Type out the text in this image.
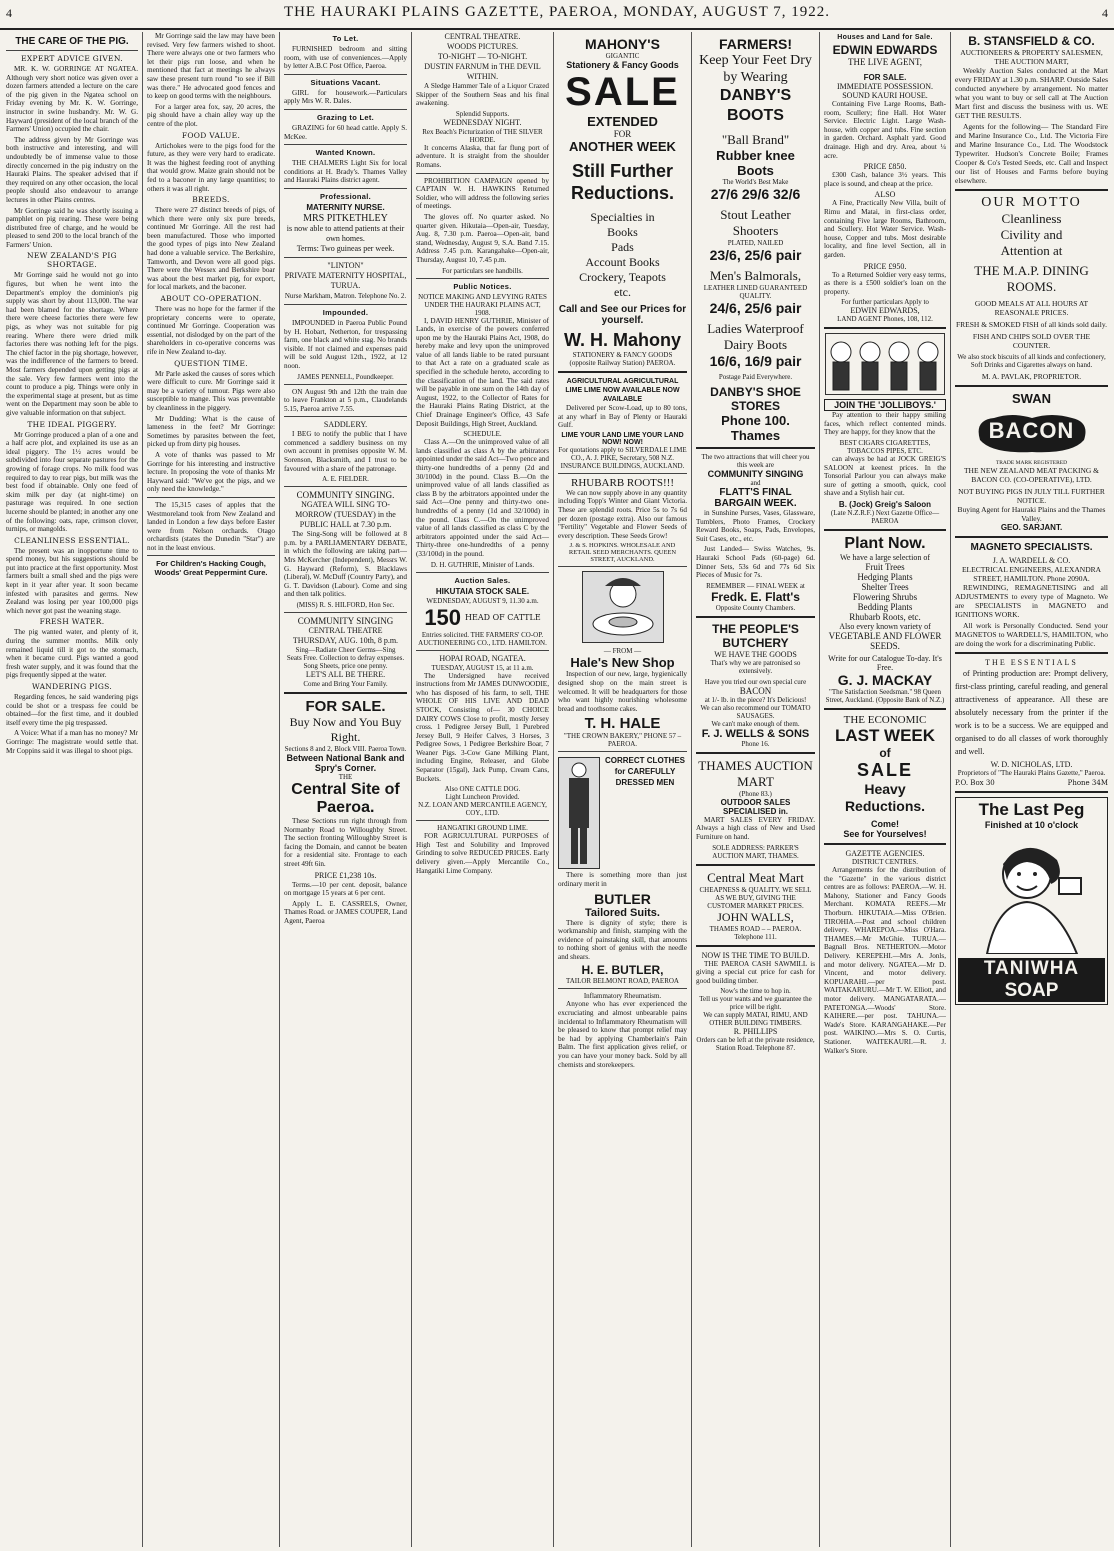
4	THE HAURAKI PLAINS GAZETTE, PAEROA, MONDAY, AUGUST 7, 1922.	4
THE CARE OF THE PIG.
EXPERT ADVICE GIVEN.

MR. K. W. GORRINGE AT NGATEA. Although very short notice was given over a dozen farmers attended a lecture on the care of the pig given in the Ngatea school on Friday evening by Mr. K. W. Gorringe, instructor in swine husbandry. Mr. W. G. Hayward (president of the local branch of the Farmers' Union) occupied the chair.

The address given by Mr Gorringe was both instructive and interesting, and will undoubtedly be of immense value to those directly concerned in the pig industry on the Hauraki Plains. The speaker advised that if they required on any other occasion, the local people should also endeavour to arrange lectures in other Plains centres.

Mr Gorringe said he was shortly issuing a pamphlet on pig rearing. These were being distributed free of charge, and he would be pleased to send 200 to the local branch of the Farmers' Union.

NEW ZEALAND'S PIG SHORTAGE.

Mr Gorringe said he would not go into figures, but when he went into the Department's employ the dominion's pig supply was short by about 113,000. The war had been blamed for the shortage. Where there were cheese factories there were few pigs, as whey was not suitable for pig rearing. Where there were dried milk factories there was nothing left for the pigs. The chief factor in the pig shortage, however, was the indifference of the farmers to breed. Most farmers depended upon getting pigs at the sale. Very few farmers went into the count to produce a pig. Things were only in the experimental stage at present, but as time went on the Department may soon be able to give valuable information on that subject.

THE IDEAL PIGGERY.

Mr Gorringe produced a plan of a one and a half acre plot, and explained its use as an ideal piggery. The 1½ acres would be subdivided into four separate pastures for the growing of forage crops. No milk food was required to day to rear pigs, but milk was the best food if obtainable. Only one feed of skim milk per day (at night-time) on pasturage was required. In one section lucerne should be planted; in another any one of the following: oats, rape, crimson clover, turnips, or mangolds.

CLEANLINESS ESSENTIAL.

The present was an inopportune time to spend money, but his suggestions should be put into practice at the first opportunity. Most farmers built a small shed and the pigs were kept in it year after year. It soon became infested with parasites and germs. New Zealand was losing per year 100,000 pigs which never got past the weaning stage.

FRESH WATER.

The pig wanted water, and plenty of it, during the summer months. Milk only remained liquid till it got to the stomach, when it became curd. Pigs wanted a good fresh water supply, and it was found that the pigs frequently sipped at the water.

WANDERING PIGS.

Regarding fences, he said wandering pigs could be shot or a trespass fee could be obtained—for the first time, and it doubled itself every time the pig trespassed.

A Voice: What if a man has no money? Mr Gorringe: The magistrate would settle that. Mr Coppins said it was illegal to shoot pigs.

Mr Gorringe said the law may have been revised. Very few farmers wished to shoot. There were always one or two farmers who let their pigs run loose, and when he mentioned that fact at meetings he always saw these present turn round "to see if Bill was there." He advocated good fences and to keep on good terms with the neighbours.

For a larger area fox, say, 20 acres, the pig should have a chain alley way up the centre of the plot.

FOOD VALUE.

Artichokes were to the pigs food for the future, as they were very hard to eradicate. It was the highest feeding root of anything that would grow. Maize grain should not be fed to a baconer in any large quantities; to others it was all right.

BREEDS.

There were 27 distinct breeds of pigs, of which there were only six pure breeds, continued Mr Gorringe. All the rest had been manufactured. Those who imported the good types of pigs into New Zealand had done a valuable service. The Berkshire, Tamworth, and Devon were all good pigs. There were the Wessex and Berkshire boar was about the best market pig, for export, for local markets, and the baconer.

ABOUT CO-OPERATION.

There was no hope for the farmer if the proprietary concerns were to operate, continued Mr Gorringe. Cooperation was essential, not dislodged by on the part of the shareholders in co-operative concerns was rife in New Zealand to-day.

QUESTION TIME.

Mr Parle asked the causes of sores which were difficult to cure. Mr Gorringe said it may be a variety of tumour. Pigs were also susceptible to mange. This was preventable by cleanliness in the piggery.

Mr Dudding: What is the cause of lameness in the feet? Mr Gorringe: Sometimes by parasites between the feet, picked up from dirty pig houses.

A vote of thanks was passed to Mr Gorringe for his interesting and instructive lecture. In proposing the vote of thanks Mr Hayward said: "We've got the pigs, and we only need the knowledge."

The 15,315 cases of apples that the Westmoreland took from New Zealand and landed in London a few days before Easter were from Nelson orchards. Otago orchardists (states the Dunedin "Star") are not in the least envious.

For Children's Hacking Cough, Woods' Great Peppermint Cure.
To Let.

FURNISHED bedroom and sitting room, with use of conveniences.—Apply by letter A.B.C Post Office, Paeroa.

Situations Vacant.

GIRL for housework.—Particulars apply Mrs W. R. Dales.

Grazing to Let.

GRAZING for 60 head cattle. Apply S. McKee.

Wanted Known.

THE CHALMERS Light Six for local conditions at H. Brady's. Thames Valley and Hauraki Plains district agent.

Professional.
MATERNITY NURSE.
MRS PITKETHLEY
is now able to attend patients at their own homes.
Terms: Two guineas per week.
"LINTON"
PRIVATE MATERNITY HOSPITAL, TURUA.
Nurse Markham, Matron. Telephone No. 2.
Impounded.

IMPOUNDED in Paeroa Public Pound by H. Hobart, Netherton, for trespassing farm, one black and white stag. No brands visible. If not claimed and expenses paid will be sold August 12th., 1922, at 12 noon.

JAMES PENNELL, Poundkeeper.

ON August 9th and 12th the train due to leave Frankton at 5 p.m., Claudelands 5.15, Paeroa arrive 7.55.

SADDLERY.

I BEG to notify the public that I have commenced a saddlery business on my own account in premises opposite W. M. Sorenson, Blacksmith, and I trust to be favoured with a share of the patronage.

A. E. FIELDER.
COMMUNITY SINGING.
NGATEA WILL SING TO-MORROW (TUESDAY) in the PUBLIC HALL at 7.30 p.m.

The Sing-Song will be followed at 8 p.m. by a PARLIAMENTARY DEBATE, in which the following are taking part—Mrs McKercher (Independent), Messrs W. G. Hayward (Reform), S. Blacklaws (Liberal), W. McDuff (Country Party), and G. T. Davidson (Labour). Come and sing and then talk politics.

(MISS) R. S. HILFORD, Hon Sec.
COMMUNITY SINGING
CENTRAL THEATRE
THURSDAY, AUG. 10th, 8 p.m.
Sing—Radiate Cheer Germs—Sing
Seats Free. Collection to defray expenses. Song Sheets, price one penny.
LET'S ALL BE THERE.
Come and Bring Your Family.
FOR SALE.
Buy Now and You Buy Right.
Sections 8 and 2, Block VIII. Paeroa Town.
Between National Bank and Spry's Corner.
THE
Central Site of Paeroa.

These Sections run right through from Normanby Road to Willoughby Street. The section fronting Willoughby Street is facing the Domain, and cannot be beaten for a residential site. Frontage to each street 49ft 6in.

PRICE £1,238 10s.

Terms.—10 per cent. deposit, balance on mortgage 15 years at 6 per cent.

Apply L. E. CASSRELS, Owner, Thames Road. or JAMES COUPER, Land Agent, Paeroa

CENTRAL THEATRE.
WOODS PICTURES.
TO-NIGHT — TO-NIGHT.
DUSTIN FARNUM in THE DEVIL WITHIN.

A Sledge Hammer Tale of a Liquor Crazed Skipper of the Southern Seas and his final awakening.

Splendid Supports.
WEDNESDAY NIGHT.
Rex Beach's Picturization of THE SILVER HORDE.

It concerns Alaska, that far flung port of adventure. It is straight from the shoulder Romans.

PROHIBITION CAMPAIGN opened by CAPTAIN W. H. HAWKINS Returned Soldier, who will address the following series of meetings.

The gloves off. No quarter asked. No quarter given. Hikutaia—Open-air, Tuesday, Aug. 8, 7.30 p.m. Paeroa—Open-air, band stand, Wednesday, August 9, S.A. Band 7.15. Address 7.45 p.m. Karangahake—Open-air, Thursday, August 10, 7.45 p.m.

For particulars see handbills.
Public Notices.
NOTICE MAKING AND LEVYING RATES UNDER THE HAURAKI PLAINS ACT, 1908.

I, DAVID HENRY GUTHRIE, Minister of Lands, in exercise of the powers conferred upon me by the Hauraki Plains Act, 1908, do hereby make and levy upon the unimproved value of all lands liable to be rated pursuant to that Act a rate on a graduated scale as specified in the schedule hereto, according to the classification of the land. The said rates will be payable in one sum on the 14th day of August, 1922, to the Collector of Rates for the Hauraki Plains Rating District, at the Chief Drainage Engineer's Office, 43 Safe Deposit Buildings, High Street, Auckland.

SCHEDULE.

Class A.—On the unimproved value of all lands classified as class A by the arbitrators appointed under the said Act—Two pence and thirty-one hundredths of a penny (2d and 30/100d) in the pound. Class B.—On the unimproved value of all lands classified as class B by the arbitrators appointed under the said Act—One penny and thirty-two one-hundredths of a penny (1d and 32/100d) in the pound. Class C.—On the unimproved value of all lands classified as class C by the arbitrators appointed under the said Act—Thirty-three one-hundredths of a penny (33/100d) in the pound.

D. H. GUTHRIE, Minister of Lands.
Auction Sales.
HIKUTAIA STOCK SALE.
WEDNESDAY, AUGUST 9, 11.30 a.m.
150 HEAD OF CATTLE
Entries solicited. THE FARMERS' CO-OP. AUCTIONEERING CO., LTD. HAMILTON.
HOPAI ROAD, NGATEA.
TUESDAY, AUGUST 15, at 11 a.m.

The Undersigned have received instructions from Mr JAMES DUNWOODIE, who has disposed of his farm, to sell, THE WHOLE OF HIS LIVE AND DEAD STOCK, Consisting of— 30 CHOICE DAIRY COWS Close to profit, mostly Jersey cross. 1 Pedigree Jersey Bull, 1 Purebred Jersey Bull, 9 Heifer Calves, 3 Horses, 3 Pedigree Sows, 1 Pedigree Berkshire Boar, 7 Weaner Pigs. 3-Cow Gane Milking Plant, including Engine, Releaser, and Globe Separator (15gal), Jack Pump, Cream Cans, Buckets.

Also ONE CATTLE DOG.
Light Luncheon Provided.
N.Z. LOAN AND MERCANTILE AGENCY, COY., LTD.
HANGATIKI GROUND LIME.

FOR AGRICULTURAL PURPOSES of High Test and Solubility and Improved Grinding to solve REDUCED PRICES. Early delivery given.—Apply Mercantile Co., Hangatiki Lime Company.

MAHONY'S
GIGANTIC
Stationery & Fancy Goods
SALE
EXTENDED
FOR
ANOTHER WEEK
Still Further Reductions.
Specialties in
Books
Pads
Account Books
Crockery, Teapots
etc.
Call and See our Prices for yourself.
W. H. Mahony
STATIONERY & FANCY GOODS
(opposite Railway Station) PAEROA.
AGRICULTURAL AGRICULTURAL LIME LIME NOW AVAILABLE NOW AVAILABLE

Delivered per Scow-Load, up to 80 tons, at any wharf in Bay of Plenty or Hauraki Gulf.

LIME YOUR LAND LIME YOUR LAND NOW! NOW!
For quotations apply to SILVERDALE LIME CO., A. J. PIKE, Secretary, 508 N.Z. INSURANCE BUILDINGS, AUCKLAND.
RHUBARB ROOTS!!!

We can now supply above in any quantity including Topp's Winter and Giant Victoria. These are splendid roots. Price 5s to 7s 6d per dozen (postage extra). Also our famous "Fertility" Vegetable and Flower Seeds of every description. These Seeds Grow!

J. & S. HOPKINS. WHOLESALE AND RETAIL SEED MERCHANTS. QUEEN STREET, AUCKLAND.
— FROM —
Hale's New Shop

Inspection of our new, large, hygienically designed shop on the main street is welcomed. It will be headquarters for those who want highly nourishing wholesome bread and toothsome cakes.

T. H. HALE
"THE CROWN BAKERY," PHONE 57 – PAEROA.
CORRECT CLOTHES for CAREFULLY DRESSED MEN

There is something more than just ordinary merit in

BUTLER
Tailored Suits.

There is dignity of style; there is workmanship and finish, stamping with the evidence of painstaking skill, that amounts to nothing short of genius with the needle and shears.

H. E. BUTLER,
TAILOR BELMONT ROAD, PAEROA
Inflammatory Rheumatism.

Anyone who has ever experienced the excruciating and almost unbearable pains incidental to Inflammatory Rheumatism will be pleased to know that prompt relief may be had by applying Chamberlain's Pain Balm. The first application gives relief, or you can have your money back. Sold by all chemists and storekeepers.

FARMERS!
Keep Your Feet Dry by Wearing
DANBY'S BOOTS
"Ball Brand"
Rubber knee Boots
The World's Best Make
27/6 29/6 32/6
Stout Leather Shooters
PLATED, NAILED
23/6, 25/6 pair
Men's Balmorals,
LEATHER LINED GUARANTEED QUALITY.
24/6, 25/6 pair
Ladies Waterproof Dairy Boots
16/6, 16/9 pair
Postage Paid Everywhere.
DANBY'S SHOE STORES
Phone 100. Thames
The two attractions that will cheer you this week are
COMMUNITY SINGING
and
FLATT'S FINAL BARGAIN WEEK.

in Sunshine Purses, Vases, Glassware, Tumblers, Photo Frames, Crockery Reward Books, Soaps, Pads, Envelopes, Suit Cases, etc., etc.

Just Landed— Swiss Watches, 9s. Hauraki School Pads (60-page) 6d. Dinner Sets, 53s 6d and 77s 6d Six Pieces of Music for 7s.

REMEMBER — FINAL WEEK at
Fredk. E. Flatt's
Opposite County Chambers.
THE PEOPLE'S BUTCHERY
WE HAVE THE GOODS
That's why we are patronised so extensively.
Have you tried our own special cure
BACON
at 1/- lb. in the piece? It's Delicious!
We can also recommend our TOMATO SAUSAGES.
We can't make enough of them.
F. J. WELLS & SONS
Phone 16.
THAMES AUCTION MART
(Phone 83.)
OUTDOOR SALES SPECIALISED in.

MART SALES EVERY FRIDAY. Always a high class of New and Used Furniture on hand.

SOLE ADDRESS: PARKER'S AUCTION MART, THAMES.
Central Meat Mart
CHEAPNESS & QUALITY. WE SELL AS WE BUY, GIVING THE CUSTOMER MARKET PRICES.
JOHN WALLS,
THAMES ROAD – – PAEROA. Telephone 111.
NOW IS THE TIME TO BUILD.

THE PAEROA CASH SAWMILL is giving a special cut price for cash for good building timber.

Now's the time to hop in.
Tell us your wants and we guarantee the price will be right.
We can supply MATAI, RIMU, AND OTHER BUILDING TIMBERS.
R. PHILLIPS
Orders can be left at the private residence, Station Road. Telephone 87.
Houses and Land for Sale.
EDWIN EDWARDS
THE LIVE AGENT,
FOR SALE.
IMMEDIATE POSSESSION.
SOUND KAURI HOUSE.

Containing Five Large Rooms, Bath-room, Scullery; fine Hall. Hot Water Service. Electric Light. Large Wash-house, with copper and tubs. Fine section in garden. Orchard. Asphalt yard. Good drainage. High and dry. Area, about ¼ acre.

PRICE £850.

£300 Cash, balance 3½ years. This place is sound, and cheap at the price.

ALSO

A Fine, Practically New Villa, built of Rimu and Matai, in first-class order, containing Five large Rooms, Bathroom, and Scullery. Hot Water Service. Wash-house, Copper and tubs. Most desirable locality, and fine level Section, all in garden.

PRICE £950.

To a Returned Soldier very easy terms, as there is a £500 soldier's loan on the property.

For further particulars Apply to
EDWIN EDWARDS,
LAND AGENT Phones, 108, 112.
JOIN THE 'JOLLIBOYS.'

Pay attention to their happy smiling faces, which reflect contented minds. They are happy, for they know that the

BEST CIGARS CIGARETTES, TOBACCOS PIPES, ETC.

can always be had at JOCK GREIG'S SALOON at keenest prices. In the Tonsorial Parlour you can always make sure of getting a smooth, quick, cool shave and a Stylish hair cut.

B. (Jock) Greig's Saloon
(Late N.Z.R.F.) Next Gazette Office—PAEROA
Plant Now.
We have a large selection of
Fruit Trees
Hedging Plants
Shelter Trees
Flowering Shrubs
Bedding Plants
Rhubarb Roots, etc.
Also every known variety of
VEGETABLE AND FLOWER SEEDS.
Write for our Catalogue To-day. It's Free.
G. J. MACKAY
"The Satisfaction Seedsman." 98 Queen Street, Auckland. (Opposite Bank of N.Z.)
THE ECONOMIC
LAST WEEK
of
SALE
Heavy Reductions.
Come!
See for Yourselves!
GAZETTE AGENCIES.
DISTRICT CENTRES.

Arrangements for the distribution of the "Gazette" in the various district centres are as follows: PAEROA.—W. H. Mahony, Stationer and Fancy Goods Merchant. KOMATA REEFS.—Mr Thorburn. HIKUTAIA.—Miss O'Brien. TIROHIA.—Post and school children delivery. WHAREPOA.—Miss O'Hara. THAMES.—Mr McGhie. TURUA.—Bagnall Bros. NETHERTON.—Motor Delivery. KEREPEHI.—Mrs A. Jonls, and motor delivery. NGATEA.—Mr D. Vincent, and motor delivery. KOPUARAHI.—per post. WAITAKARURU.—Mr T. W. Elliott, and motor delivery. MANGATARATA.— PATETONGA.—Woods' Store. KAIHERE.—per post. TAHUNA.—Wade's Store. KARANGAHAKE.—Per post. WAIKINO.—Mrs S. O. Curtis, Stationer. WAITEKAURI.—R. J. Walker's Store.

B. STANSFIELD & CO.
AUCTIONEERS & PROPERTY SALESMEN, THE AUCTION MART,

Weekly Auction Sales conducted at the Mart every FRIDAY at 1.30 p.m. SHARP. Outside Sales conducted anywhere by arrangement. No matter what you want to buy or sell call at The Auction Mart first and discuss the business with us. WE GET THE RESULTS.

Agents for the following— The Standard Fire and Marine Insurance Co., Ltd. The Victoria Fire and Marine Insurance Co., Ltd. The Woodstock Typewriter. Hudson's Concrete Boile; Frames Cooper & Co's Tested Seeds, etc. Call and Inspect our list of Houses and Farms before buying elsewhere.

OUR MOTTO
Cleanliness
Civility and
Attention at
THE M.A.P. DINING ROOMS.
GOOD MEALS AT ALL HOURS AT REASONALE PRICES.
FRESH & SMOKED FISH of all kinds sold daily.
FISH AND CHIPS SOLD OVER THE COUNTER.
We also stock biscuits of all kinds and confectionery, Soft Drinks and Cigarettes always on hand.
M. A. PAVLAK, PROPRIETOR.
SWAN
BACON
TRADE MARK REGISTERED
THE NEW ZEALAND MEAT PACKING & BACON CO. (CO-OPERATIVE), LTD.
NOT BUYING PIGS IN JULY TILL FURTHER NOTICE.
Buying Agent for Hauraki Plains and the Thames Valley.
GEO. SARJANT.
MAGNETO SPECIALISTS.
J. A. WARDELL & CO.
ELECTRICAL ENGINEERS, ALEXANDRA STREET, HAMILTON. Phone 2090A.

REWINDING, REMAGNETISING and all ADJUSTMENTS to every type of Magneto. We are SPECIALISTS in MAGNETO and IGNITIONS WORK.

All work is Personally Conducted. Send your MAGNETOS to WARDELL'S, HAMILTON, who are doing the work for a discriminating Public.

THE ESSENTIALS

of Printing production are: Prompt delivery, first-class printing, careful reading, and general attractiveness of appearance. All these are absolutely necessary from the printer if the work is to be a success. We are equipped and organised to do all classes of work thoroughly and well.

W. D. NICHOLAS, LTD.
Proprietors of "The Hauraki Plains Gazette," Paeroa.
P.O. Box 30	Phone 34M
The Last Peg
Finished at 10 o'clock
TANIWHA
SOAP
